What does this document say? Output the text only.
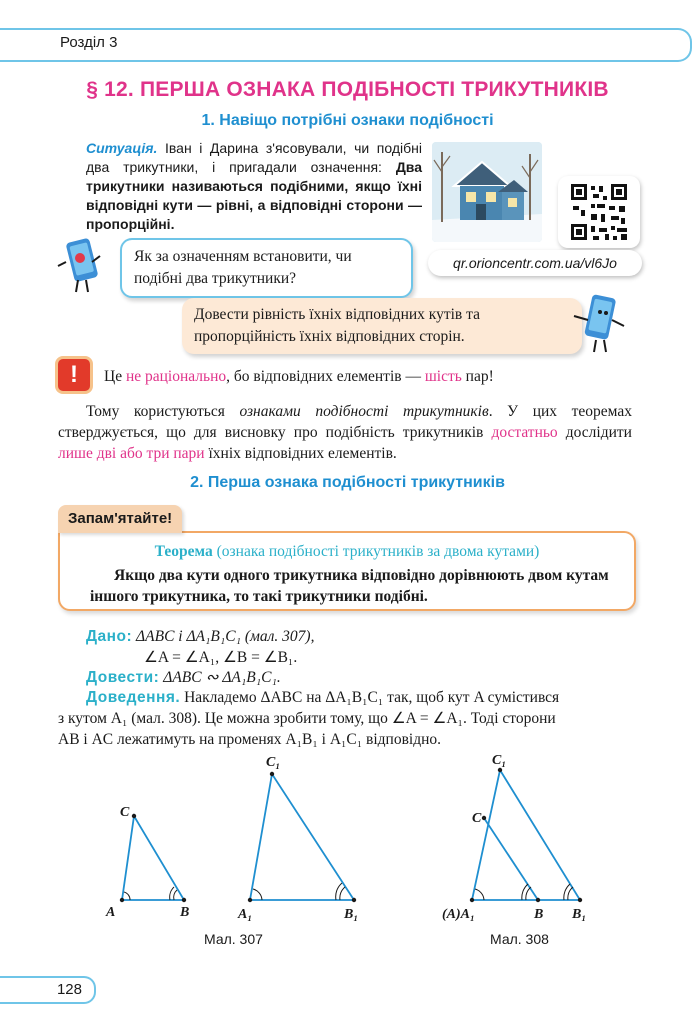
Розділ 3
§ 12. ПЕРША ОЗНАКА ПОДІБНОСТІ ТРИКУТНИКІВ
1. Навіщо потрібні ознаки подібності
Ситуація. Іван і Дарина з'ясовували, чи подібні два трикутники, і пригадали означення: Два трикутники називаються подібними, якщо їхні відповідні кути — рівні, а відповідні сторони — пропорційні.
qr.orioncentr.com.ua/vl6Jo
Як за означенням встановити, чи подібні два трикутники?
Довести рівність їхніх відповідних кутів та пропорційність їхніх відповідних сторін.
!	Це не раціонально, бо відповідних елементів — шість пар!
Тому користуються ознаками подібності трикутників. У цих теоремах стверджується, що для висновку про подібність трикутників достатньо дослідити лише дві або три пари їхніх відповідних елементів.
2. Перша ознака подібності трикутників
Теорема (ознака подібності трикутників за двома кутами)
Якщо два кути одного трикутника відповідно дорівнюють двом кутам іншого трикутника, то такі трикутники подібні.
Запам'ятайте!
Дано: ΔABC і ΔA₁B₁C₁ (мал. 307),
∠A = ∠A₁, ∠B = ∠B₁.
Довести: ΔABC ∾ ΔA₁B₁C₁.
Доведення. Накладемо ΔABC на ΔA₁B₁C₁ так, щоб кут A сумістився
з кутом A₁ (мал. 308). Це можна зробити тому, що ∠A = ∠A₁. Тоді сторони
AB і AC лежатимуть на променях A₁B₁ і A₁C₁ відповідно.
A	B
C
A₁	B₁
C₁
(A)A₁	B B₁
C
C₁
Мал. 307	Мал. 308
128
